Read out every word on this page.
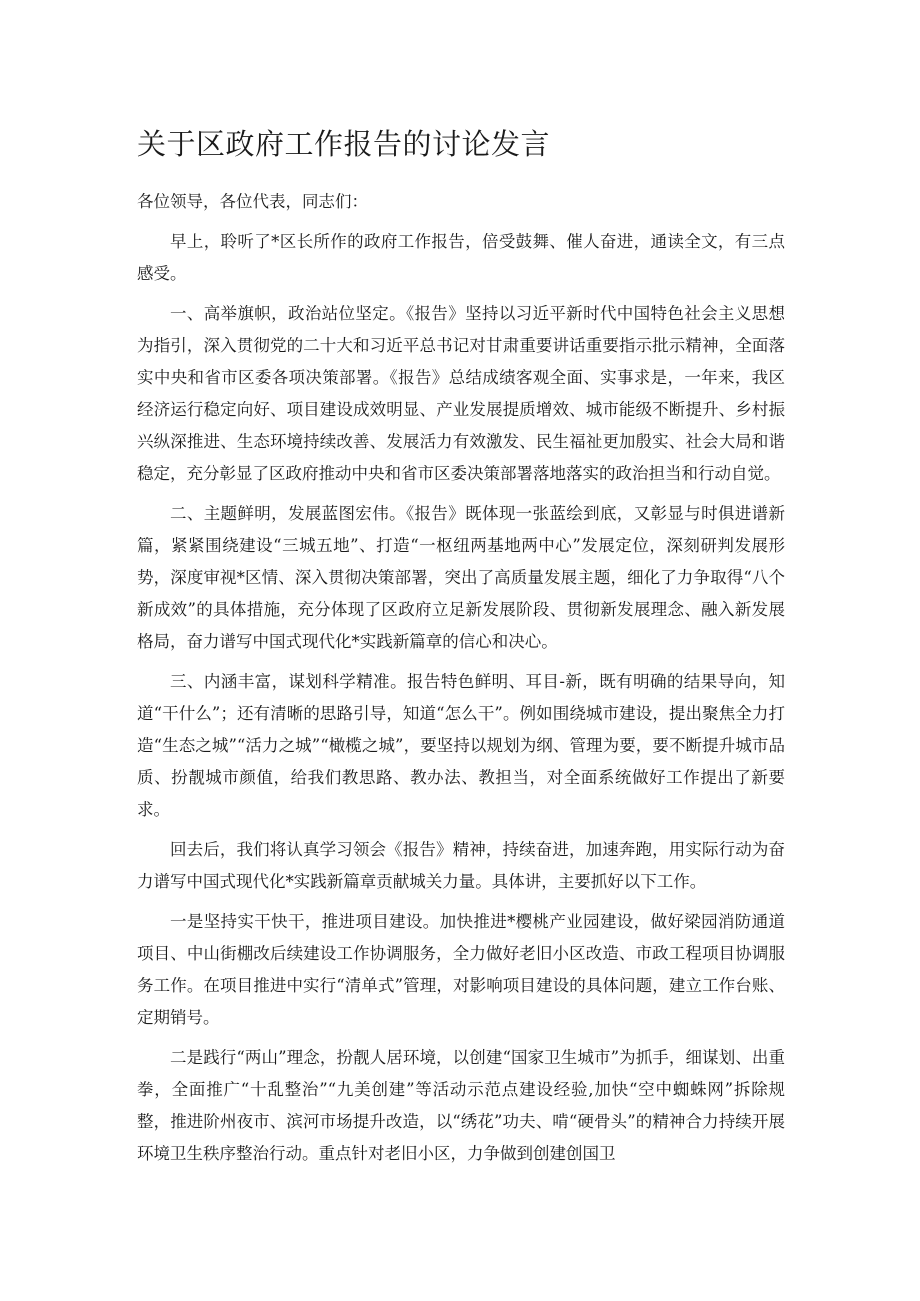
关于区政府工作报告的讨论发言

各位领导，各位代表，同志们：

早上，聆听了*区长所作的政府工作报告，倍受鼓舞、催人奋进，通读全文，有三点感受。

一、高举旗帜，政治站位坚定。《报告》坚持以习近平新时代中国特色社会主义思想为指引，深入贯彻党的二十大和习近平总书记对甘肃重要讲话重要指示批示精神，全面落实中央和省市区委各项决策部署。《报告》总结成绩客观全面、实事求是，一年来，我区经济运行稳定向好、项目建设成效明显、产业发展提质增效、城市能级不断提升、乡村振兴纵深推进、生态环境持续改善、发展活力有效激发、民生福祉更加殷实、社会大局和谐稳定，充分彰显了区政府推动中央和省市区委决策部署落地落实的政治担当和行动自觉。

二、主题鲜明，发展蓝图宏伟。《报告》既体现一张蓝绘到底，又彰显与时俱进谱新篇，紧紧围绕建设“三城五地”、打造“一枢纽两基地两中心”发展定位，深刻研判发展形势，深度审视*区情、深入贯彻决策部署，突出了高质量发展主题，细化了力争取得“八个新成效”的具体措施，充分体现了区政府立足新发展阶段、贯彻新发展理念、融入新发展格局，奋力谱写中国式现代化*实践新篇章的信心和决心。

三、内涵丰富，谋划科学精准。报告特色鲜明、耳目-新，既有明确的结果导向，知道“干什么”；还有清晰的思路引导，知道“怎么干”。例如围绕城市建设，提出聚焦全力打造“生态之城”“活力之城”“橄榄之城”，要坚持以规划为纲、管理为要，要不断提升城市品质、扮靓城市颜值，给我们教思路、教办法、教担当，对全面系统做好工作提出了新要求。

回去后，我们将认真学习领会《报告》精神，持续奋进，加速奔跑，用实际行动为奋力谱写中国式现代化*实践新篇章贡献城关力量。具体讲，主要抓好以下工作。

一是坚持实干快干，推进项目建设。加快推进*樱桃产业园建设，做好梁园消防通道项目、中山街棚改后续建设工作协调服务，全力做好老旧小区改造、市政工程项目协调服务工作。在项目推进中实行“清单式”管理，对影响项目建设的具体问题，建立工作台账、定期销号。

二是践行“两山”理念，扮靓人居环境，以创建“国家卫生城市”为抓手，细谋划、出重拳，全面推广“十乱整治”“九美创建”等活动示范点建设经验,加快“空中蜘蛛网”拆除规整，推进阶州夜市、滨河市场提升改造，以“绣花”功夫、啃“硬骨头”的精神合力持续开展环境卫生秩序整治行动。重点针对老旧小区，力争做到创建创国卫
